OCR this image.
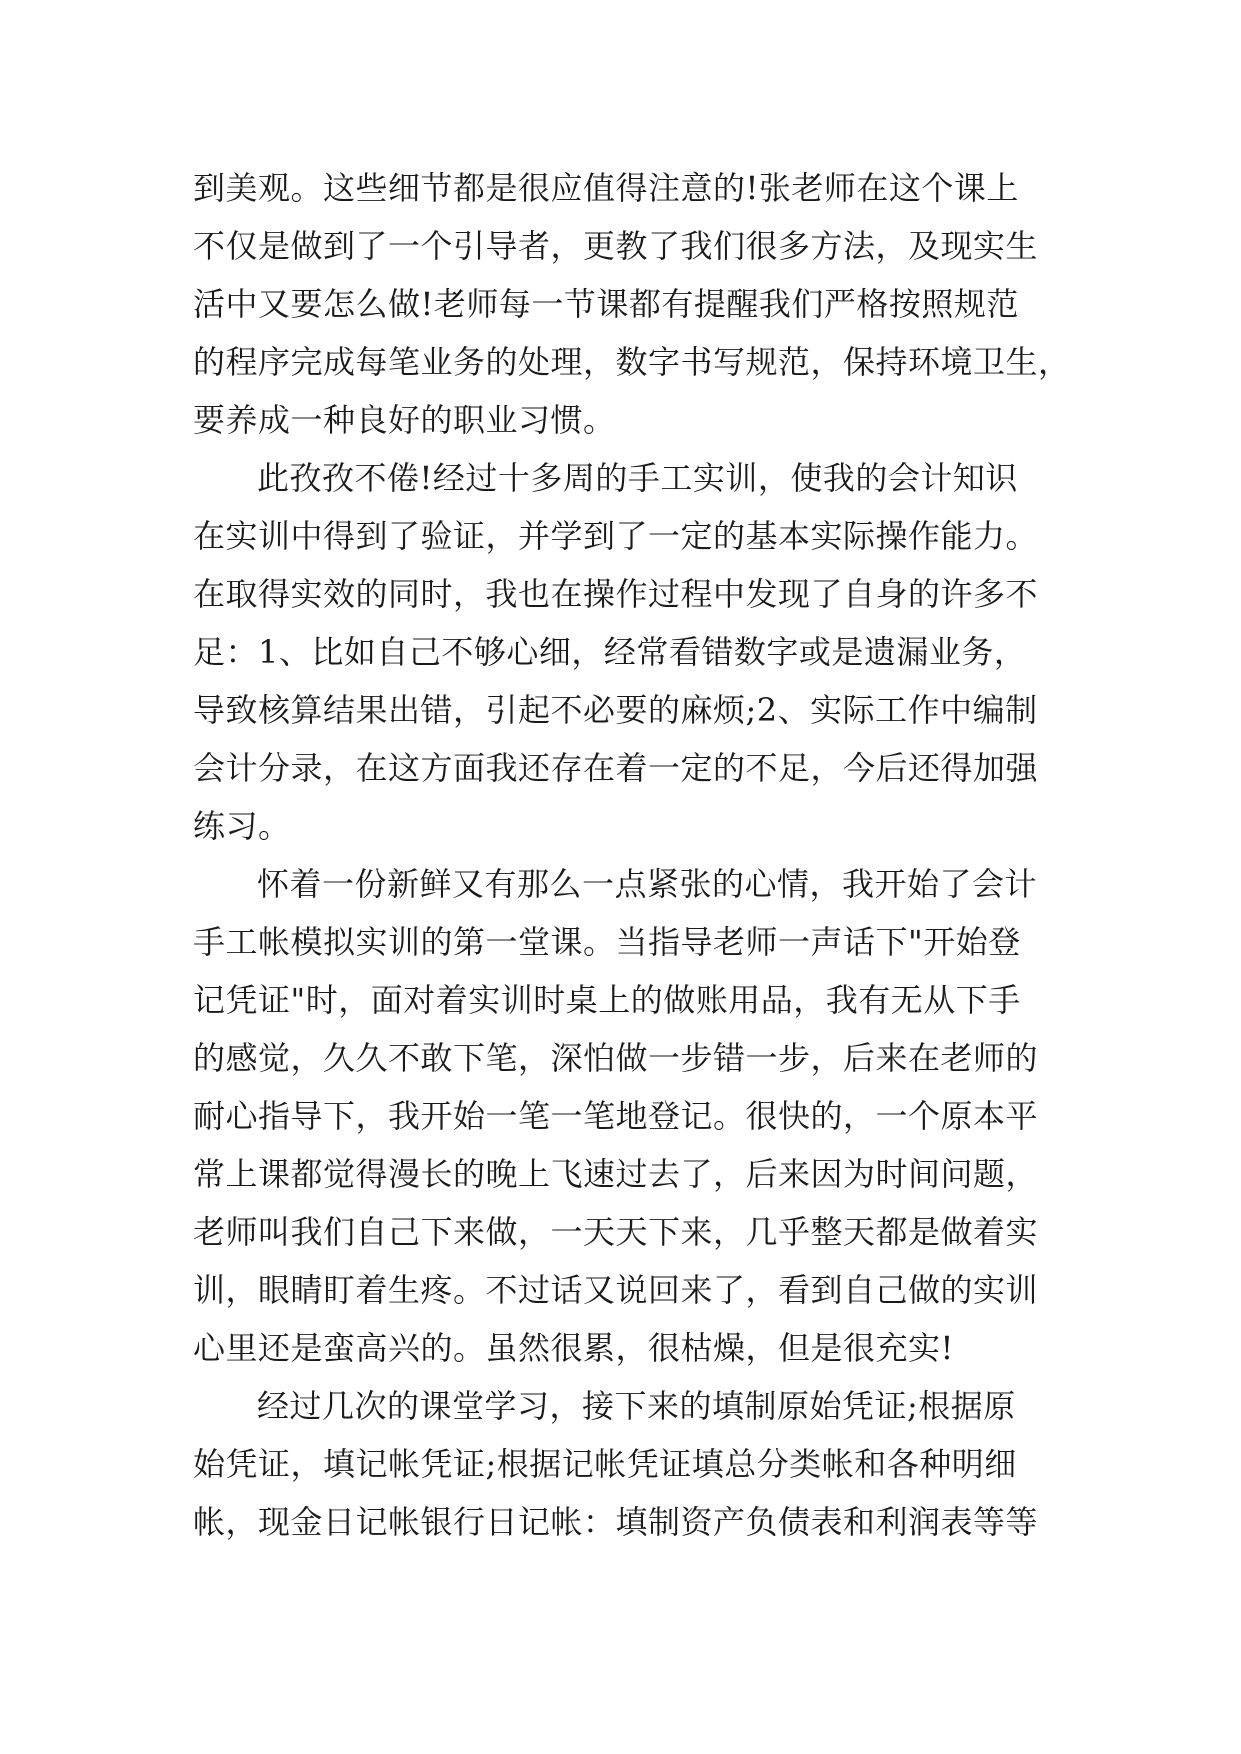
到美观。这些细节都是很应值得注意的!张老师在这个课上
不仅是做到了一个引导者，更教了我们很多方法，及现实生
活中又要怎么做!老师每一节课都有提醒我们严格按照规范
的程序完成每笔业务的处理，数字书写规范，保持环境卫生，
要养成一种良好的职业习惯。
此孜孜不倦!经过十多周的手工实训，使我的会计知识
在实训中得到了验证，并学到了一定的基本实际操作能力。
在取得实效的同时，我也在操作过程中发现了自身的许多不
足：1、比如自己不够心细，经常看错数字或是遗漏业务，
导致核算结果出错，引起不必要的麻烦;2、实际工作中编制
会计分录，在这方面我还存在着一定的不足，今后还得加强
练习。
怀着一份新鲜又有那么一点紧张的心情，我开始了会计
手工帐模拟实训的第一堂课。当指导老师一声话下"开始登
记凭证"时，面对着实训时桌上的做账用品，我有无从下手
的感觉，久久不敢下笔，深怕做一步错一步，后来在老师的
耐心指导下，我开始一笔一笔地登记。很快的，一个原本平
常上课都觉得漫长的晚上飞速过去了，后来因为时间问题，
老师叫我们自己下来做，一天天下来，几乎整天都是做着实
训，眼睛盯着生疼。不过话又说回来了，看到自己做的实训
心里还是蛮高兴的。虽然很累，很枯燥，但是很充实!
经过几次的课堂学习，接下来的填制原始凭证;根据原
始凭证，填记帐凭证;根据记帐凭证填总分类帐和各种明细
帐，现金日记帐银行日记帐：填制资产负债表和利润表等等
